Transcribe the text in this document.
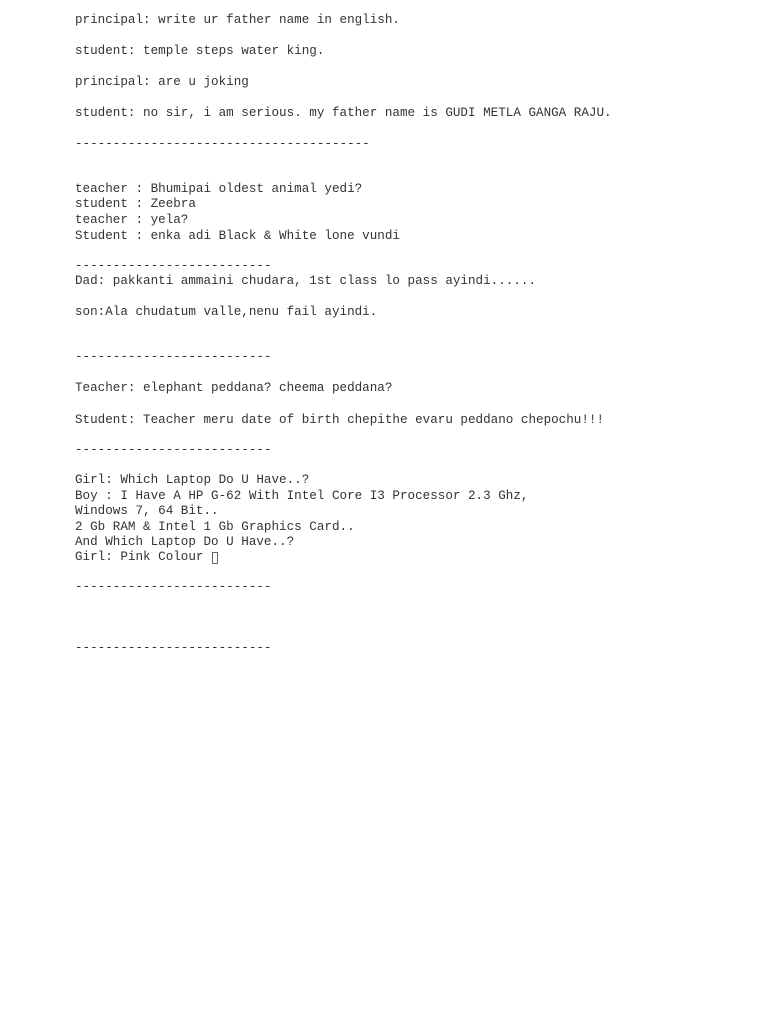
principal: write ur father name in english.
student: temple steps water king.
principal: are u joking
student: no sir, i am serious. my father name is GUDI METLA GANGA RAJU.
---------------------------------------
teacher : Bhumipai oldest animal yedi?
student : Zeebra
teacher : yela?
Student : enka adi Black & White lone vundi
--------------------------
Dad: pakkanti ammaini chudara, 1st class lo pass ayindi......
son:Ala chudatum valle,nenu fail ayindi.
--------------------------
Teacher: elephant peddana? cheema peddana?
Student: Teacher meru date of birth chepithe evaru peddano chepochu!!!
--------------------------
Girl: Which Laptop Do U Have..?
Boy : I Have A HP G-62 With Intel Core I3 Processor 2.3 Ghz,
Windows 7, 64 Bit..
2 Gb RAM & Intel 1 Gb Graphics Card..
And Which Laptop Do U Have..?
Girl: Pink Colour
--------------------------
--------------------------
